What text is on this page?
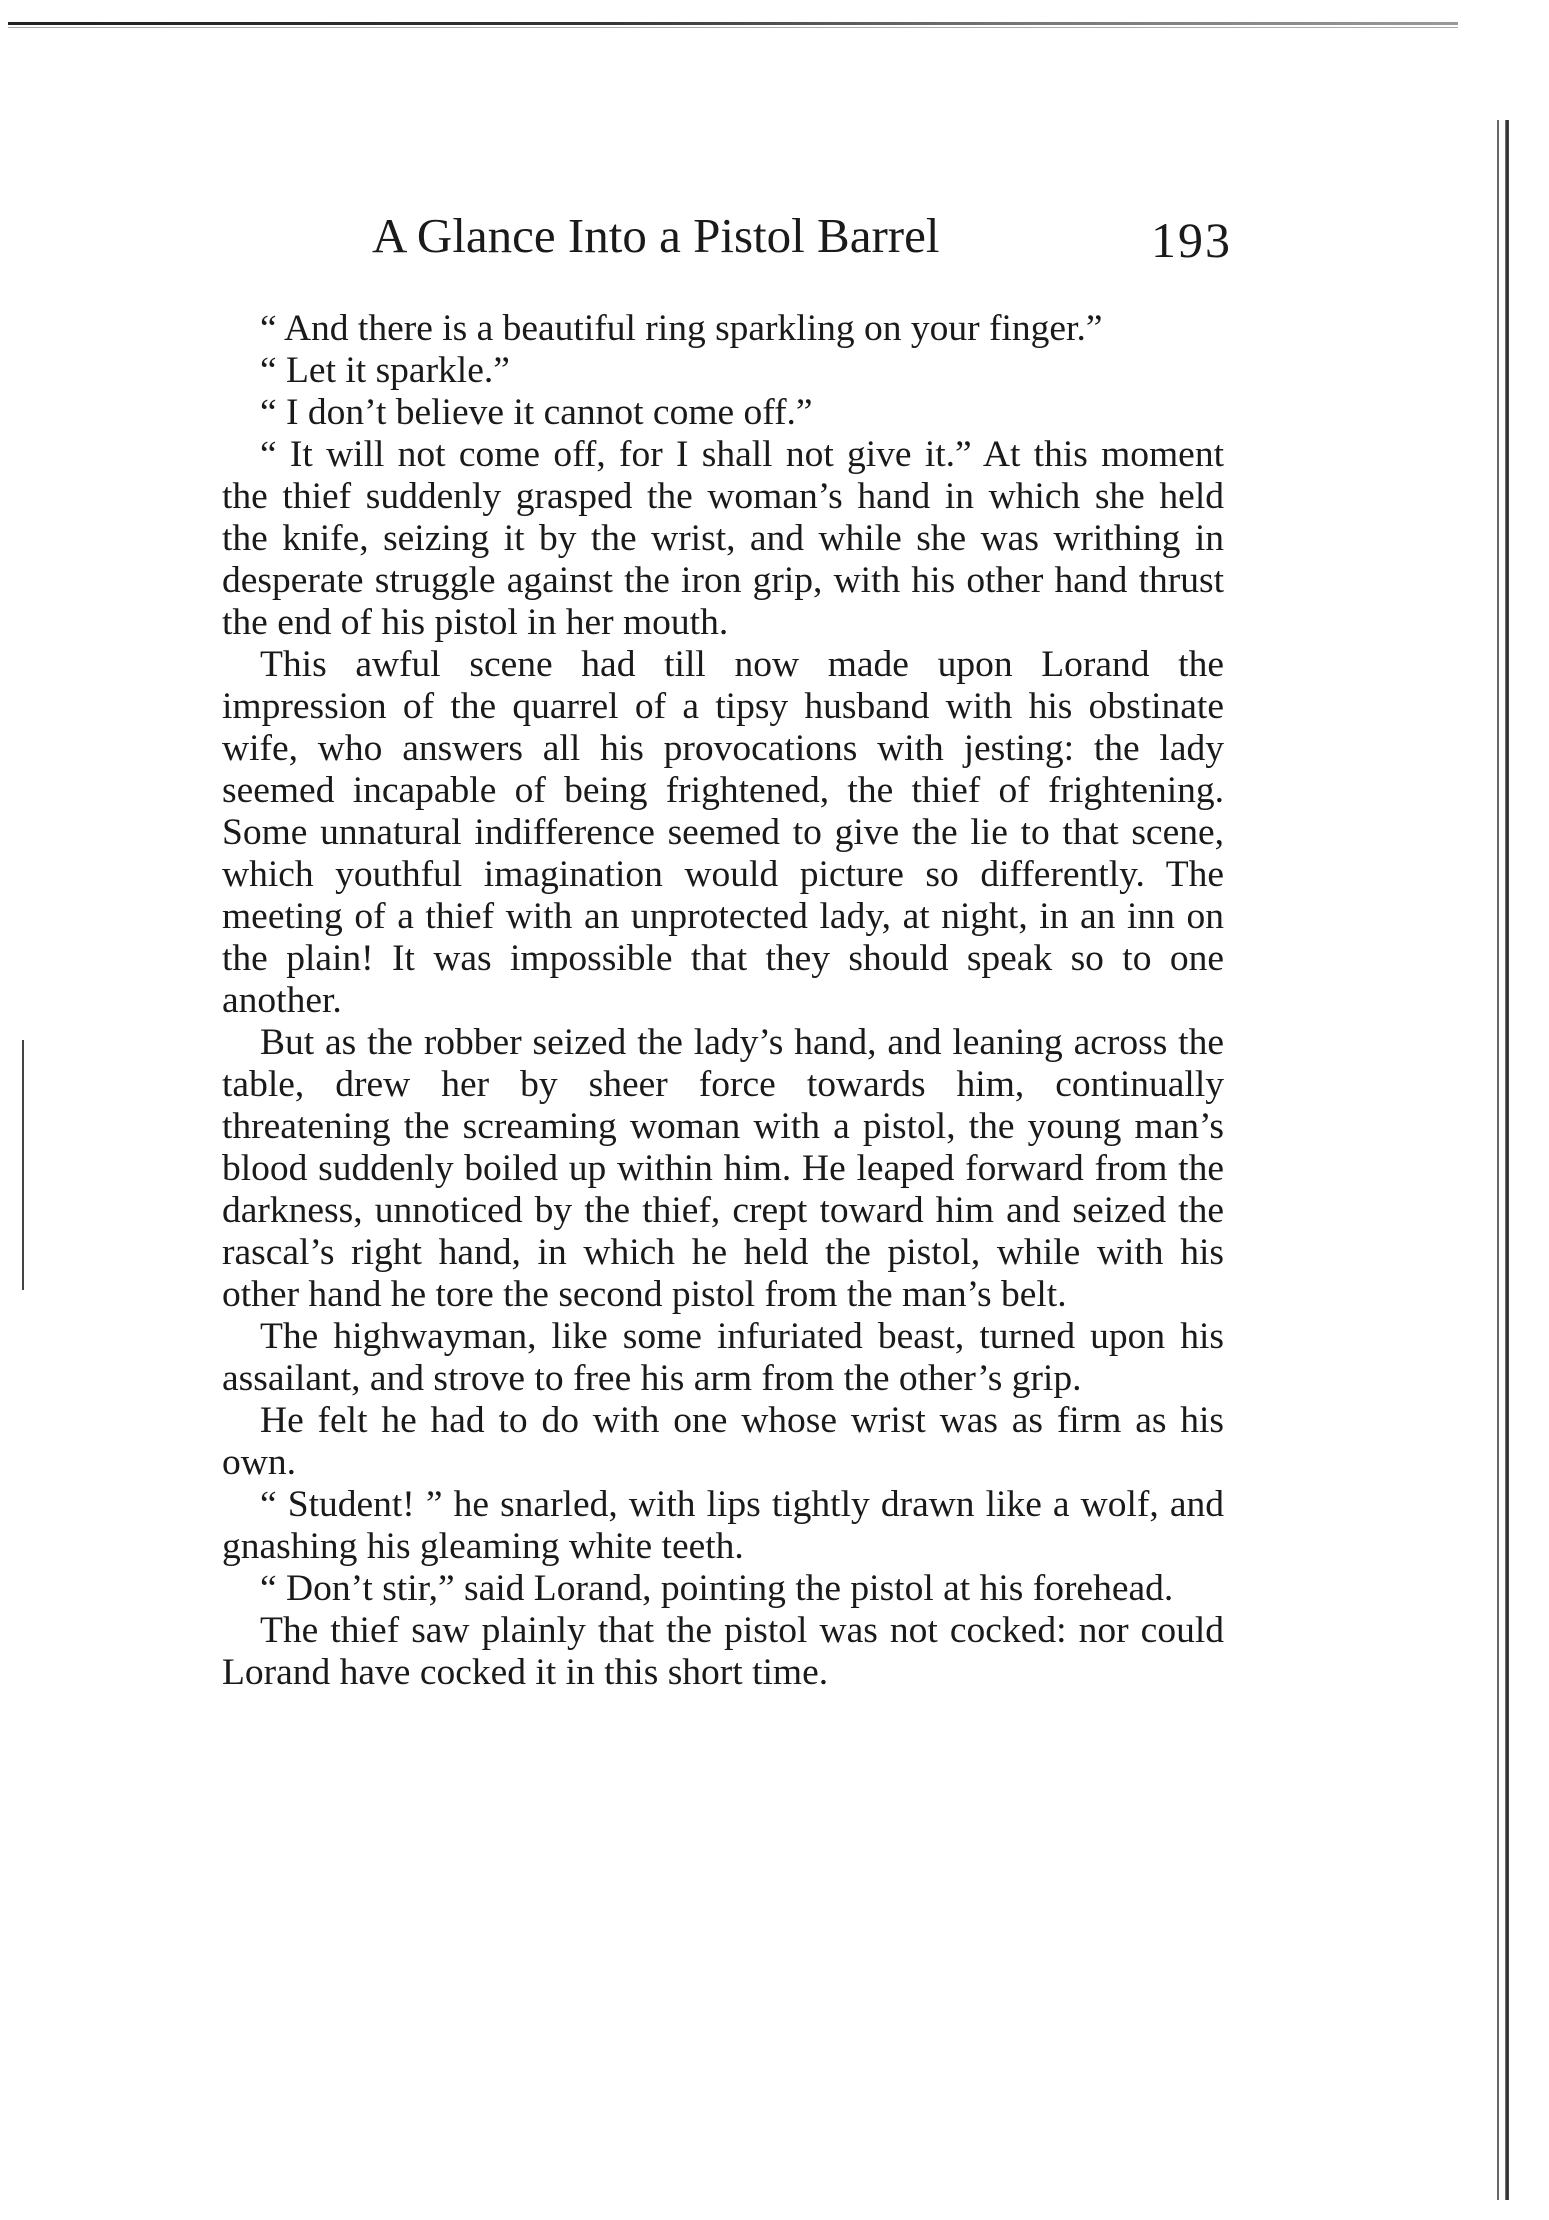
A Glance Into a Pistol Barrel	193

“ And there is a beautiful ring sparkling on your finger.”

“ Let it sparkle.”

“ I don’t believe it cannot come off.”

“ It will not come off, for I shall not give it.” At this moment the thief suddenly grasped the woman’s hand in which she held the knife, seizing it by the wrist, and while she was writhing in desperate struggle against the iron grip, with his other hand thrust the end of his pistol in her mouth.

This awful scene had till now made upon Lorand the impression of the quarrel of a tipsy husband with his obstinate wife, who answers all his provocations with jesting: the lady seemed incapable of being frightened, the thief of frightening. Some unnatural indifference seemed to give the lie to that scene, which youthful imagination would picture so differently. The meeting of a thief with an unprotected lady, at night, in an inn on the plain! It was impossible that they should speak so to one another.

But as the robber seized the lady’s hand, and leaning across the table, drew her by sheer force towards him, continually threatening the screaming woman with a pistol, the young man’s blood suddenly boiled up within him. He leaped forward from the darkness, unnoticed by the thief, crept toward him and seized the rascal’s right hand, in which he held the pistol, while with his other hand he tore the second pistol from the man’s belt.

The highwayman, like some infuriated beast, turned upon his assailant, and strove to free his arm from the other’s grip.

He felt he had to do with one whose wrist was as firm as his own.

“ Student! ” he snarled, with lips tightly drawn like a wolf, and gnashing his gleaming white teeth.

“ Don’t stir,” said Lorand, pointing the pistol at his forehead.

The thief saw plainly that the pistol was not cocked: nor could Lorand have cocked it in this short time.
